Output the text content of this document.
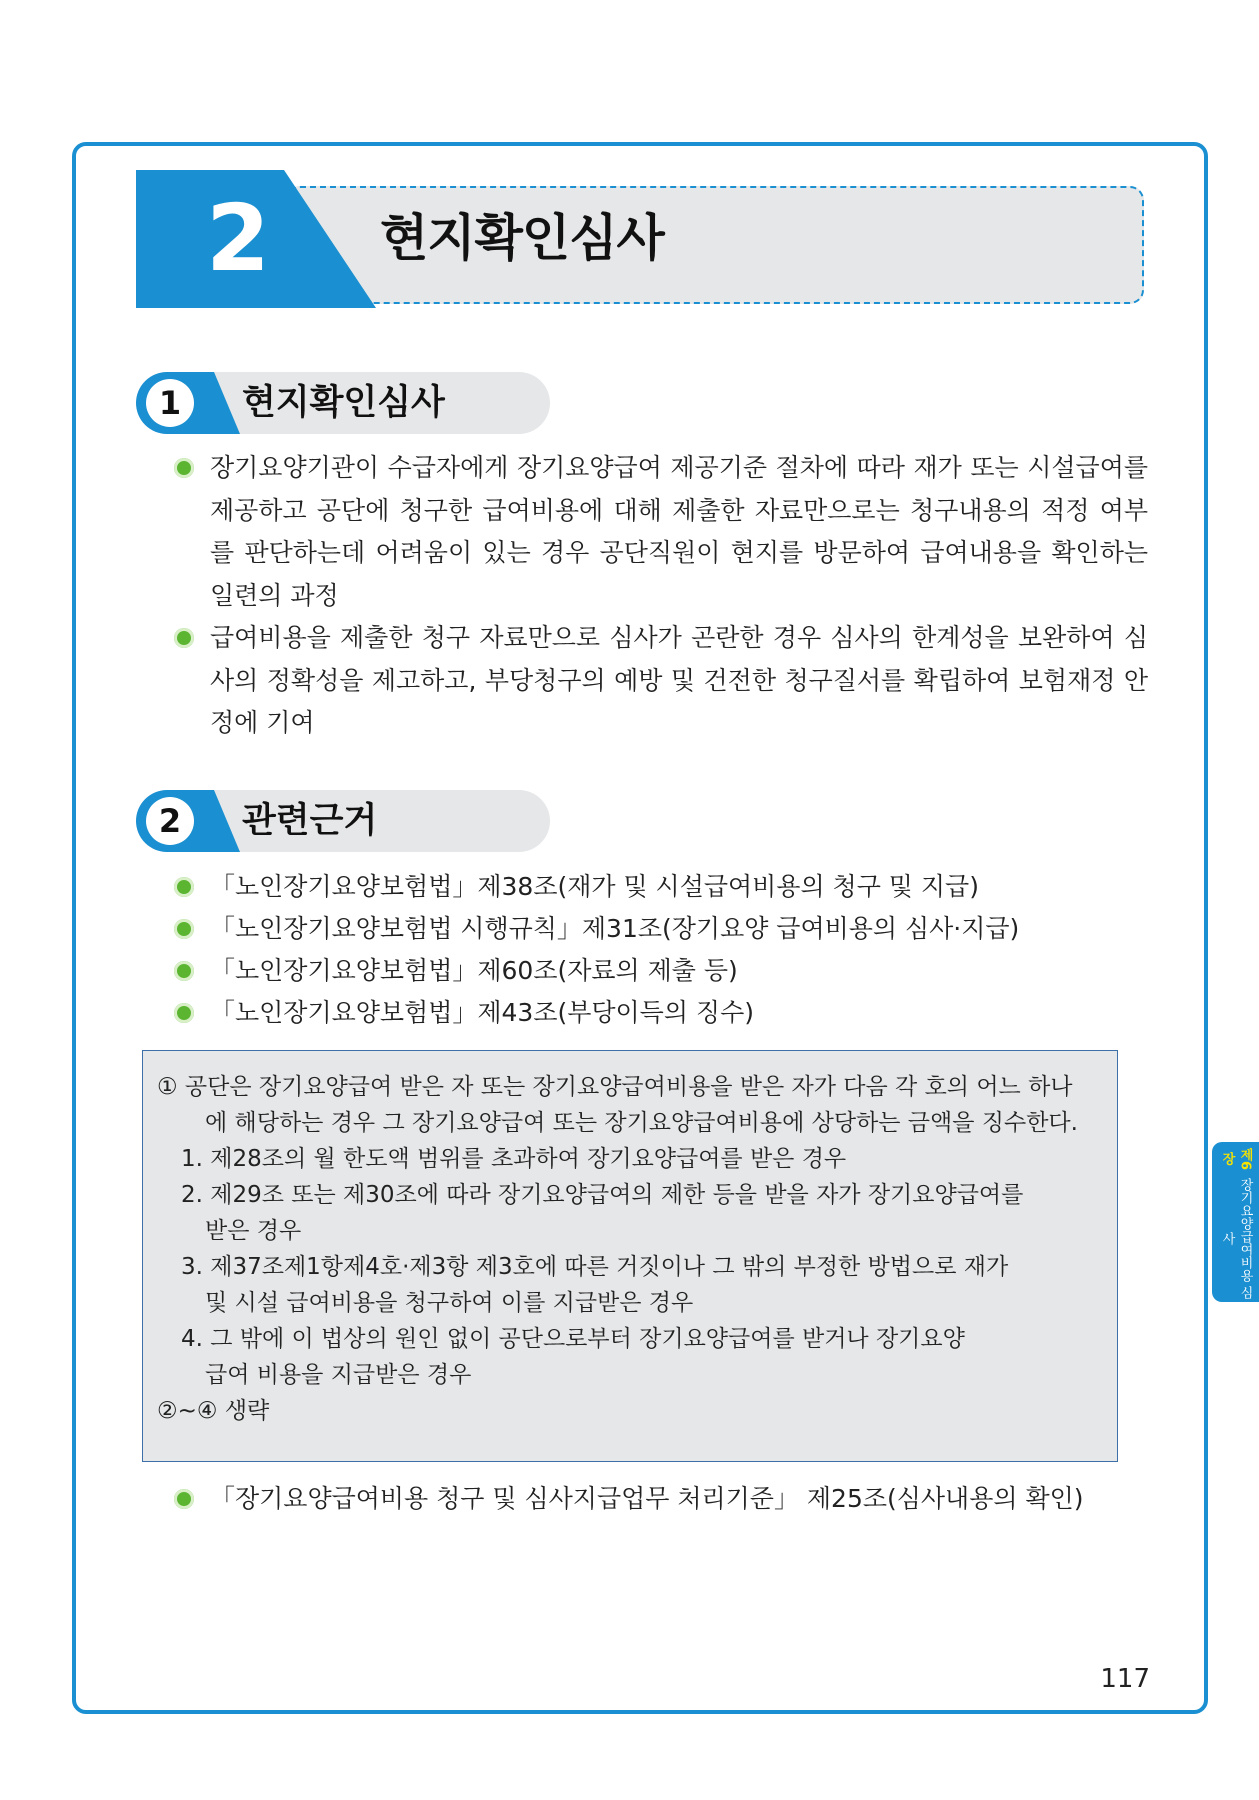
2	현지확인심사
1	현지확인심사
장기요양기관이 수급자에게 장기요양급여 제공기준 절차에 따라 재가 또는 시설급여를 제공하고 공단에 청구한 급여비용에 대해 제출한 자료만으로는 청구내용의 적정 여부를 판단하는데 어려움이 있는 경우 공단직원이 현지를 방문하여 급여내용을 확인하는 일련의 과정
급여비용을 제출한 청구 자료만으로 심사가 곤란한 경우 심사의 한계성을 보완하여 심사의 정확성을 제고하고, 부당청구의 예방 및 건전한 청구질서를 확립하여 보험재정 안정에 기여
2	관련근거
「노인장기요양보험법」제38조(재가 및 시설급여비용의 청구 및 지급)
「노인장기요양보험법 시행규칙」제31조(장기요양 급여비용의 심사·지급)
「노인장기요양보험법」제60조(자료의 제출 등)
「노인장기요양보험법」제43조(부당이득의 징수)
① 공단은 장기요양급여 받은 자 또는 장기요양급여비용을 받은 자가 다음 각 호의 어느 하나
에 해당하는 경우 그 장기요양급여 또는 장기요양급여비용에 상당하는 금액을 징수한다.
1. 제28조의 월 한도액 범위를 초과하여 장기요양급여를 받은 경우
2. 제29조 또는 제30조에 따라 장기요양급여의 제한 등을 받을 자가 장기요양급여를
받은 경우
3. 제37조제1항제4호·제3항 제3호에 따른 거짓이나 그 밖의 부정한 방법으로 재가
및 시설 급여비용을 청구하여 이를 지급받은 경우
4. 그 밖에 이 법상의 원인 없이 공단으로부터 장기요양급여를 받거나 장기요양
급여 비용을 지급받은 경우
②~④ 생략
「장기요양급여비용 청구 및 심사지급업무 처리기준」 제25조(심사내용의 확인)
제6장
장기요양급여비용 심사
117
